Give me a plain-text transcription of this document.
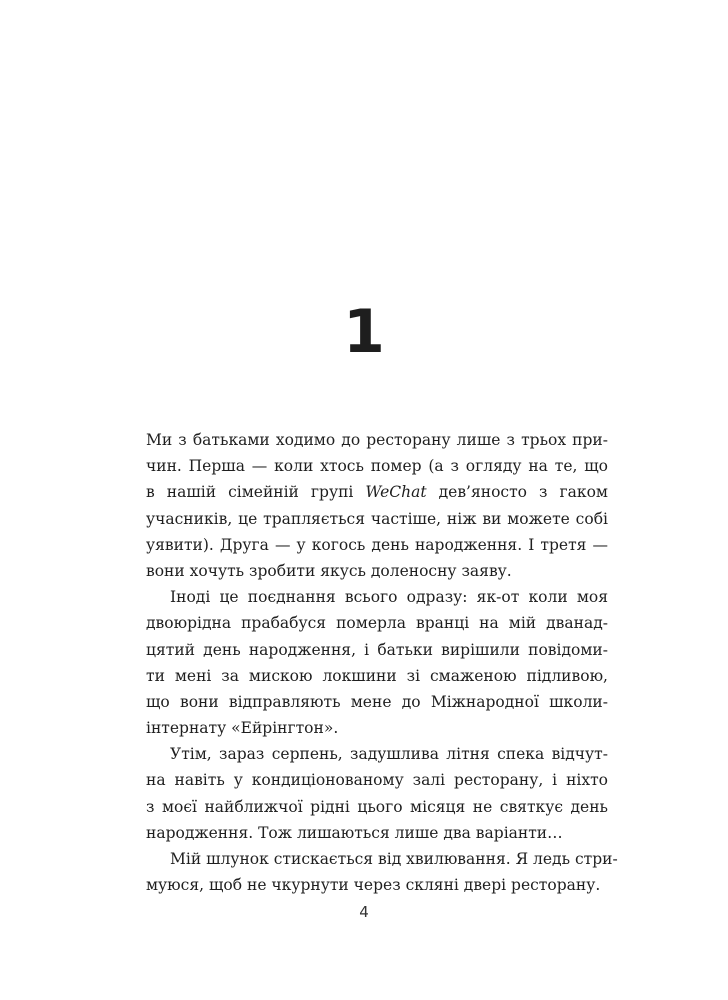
1
Ми з батьками ходимо до ресторану лише з трьох при-
чин. Перша — коли хтось помер (а з огляду на те, що
в нашій сімейній групі WeChat дев’яносто з гаком
учасників, це трапляється частіше, ніж ви можете собі
уявити). Друга — у когось день народження. І третя —
вони хочуть зробити якусь доленосну заяву.
Іноді це поєднання всього одразу: як-от коли моя
двоюрідна прабабуся померла вранці на мій дванад-
цятий день народження, і батьки вирішили повідоми-
ти мені за мискою локшини зі смаженою підливою,
що вони відправляють мене до Міжнародної школи-
інтернату «Ейрінгтон».
Утім, зараз серпень, задушлива літня спека відчут-
на навіть у кондиціонованому залі ресторану, і ніхто
з моєї найближчої рідні цього місяця не святкує день
народження. Тож лишаються лише два варіанти…
Мій шлунок стискається від хвилювання. Я ледь стри-
муюся, щоб не чкурнути через скляні двері ресторану.
4
